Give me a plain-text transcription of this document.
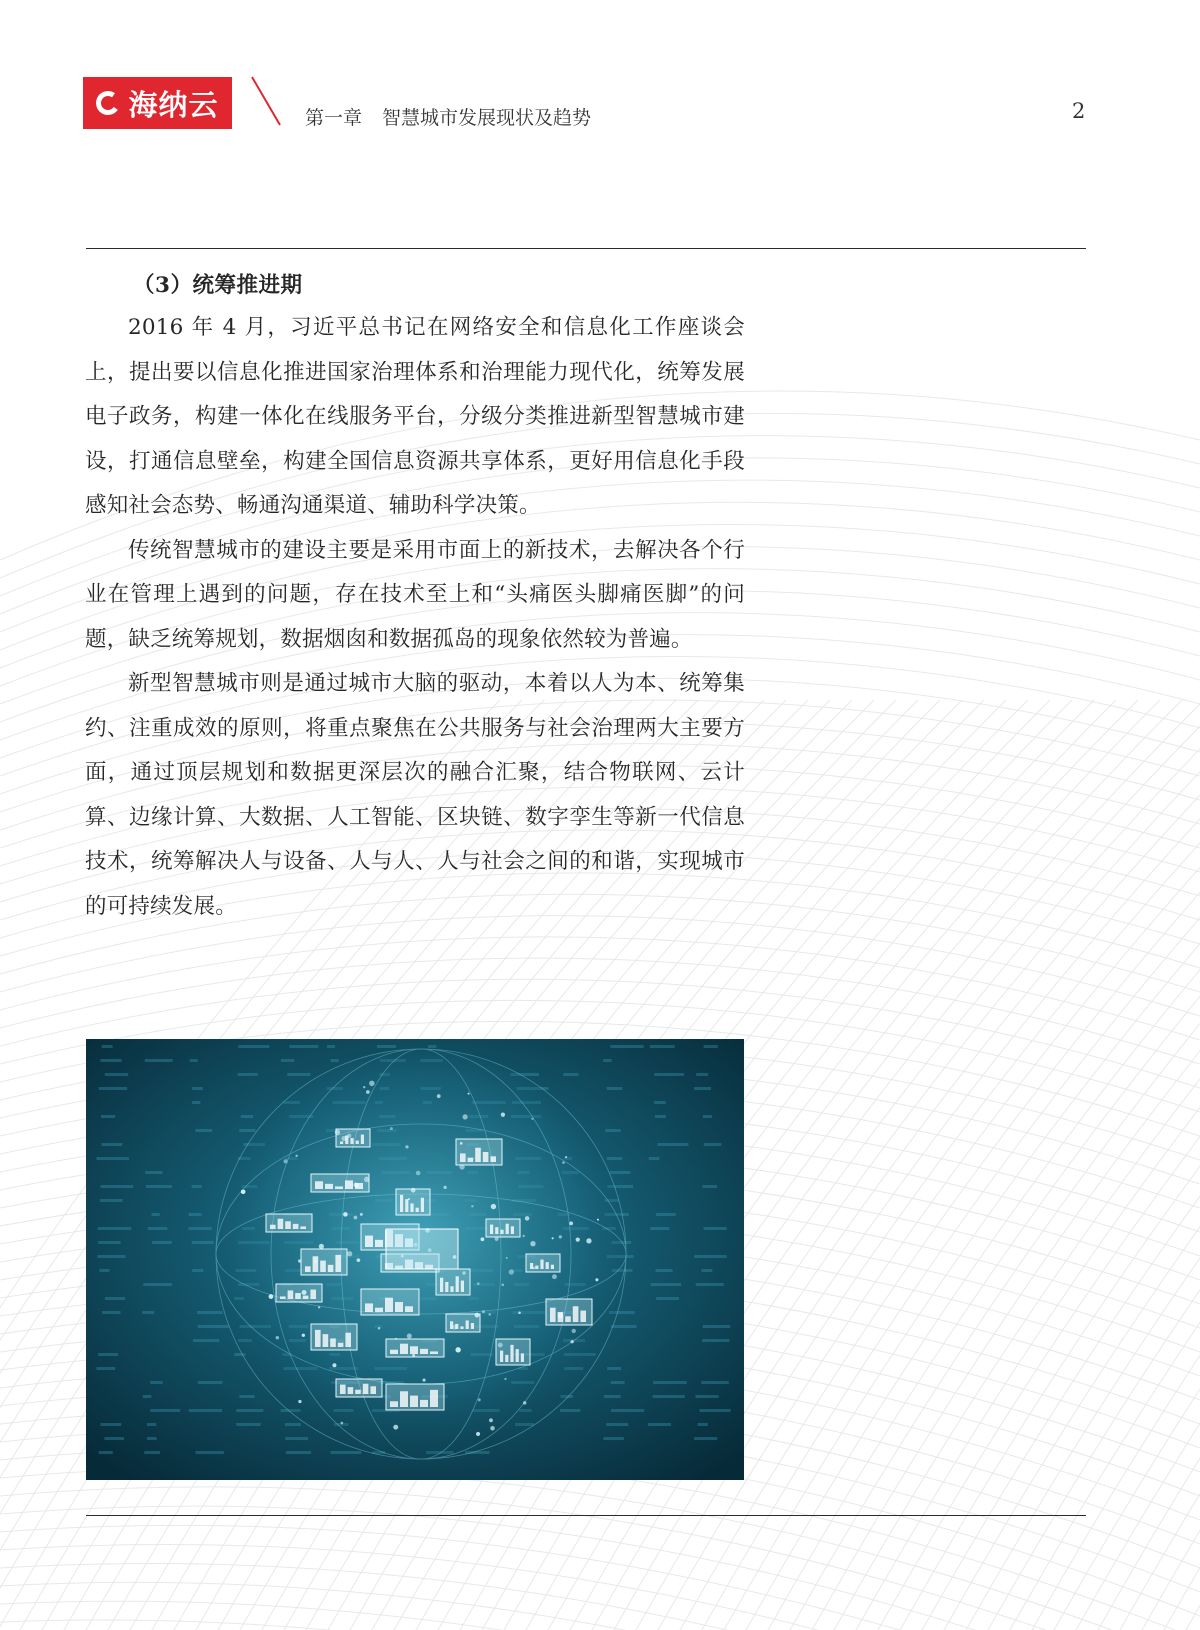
海纳云	第一章 智慧城市发展现状及趋势	2
（3）统筹推进期

2016 年 4 月，习近平总书记在网络安全和信息化工作座谈会上，提出要以信息化推进国家治理体系和治理能力现代化，统筹发展电子政务，构建一体化在线服务平台，分级分类推进新型智慧城市建设，打通信息壁垒，构建全国信息资源共享体系，更好用信息化手段感知社会态势、畅通沟通渠道、辅助科学决策。

传统智慧城市的建设主要是采用市面上的新技术，去解决各个行业在管理上遇到的问题，存在技术至上和“头痛医头脚痛医脚”的问题，缺乏统筹规划，数据烟囱和数据孤岛的现象依然较为普遍。

新型智慧城市则是通过城市大脑的驱动，本着以人为本、统筹集约、注重成效的原则，将重点聚焦在公共服务与社会治理两大主要方面，通过顶层规划和数据更深层次的融合汇聚，结合物联网、云计算、边缘计算、大数据、人工智能、区块链、数字孪生等新一代信息技术，统筹解决人与设备、人与人、人与社会之间的和谐，实现城市的可持续发展。
